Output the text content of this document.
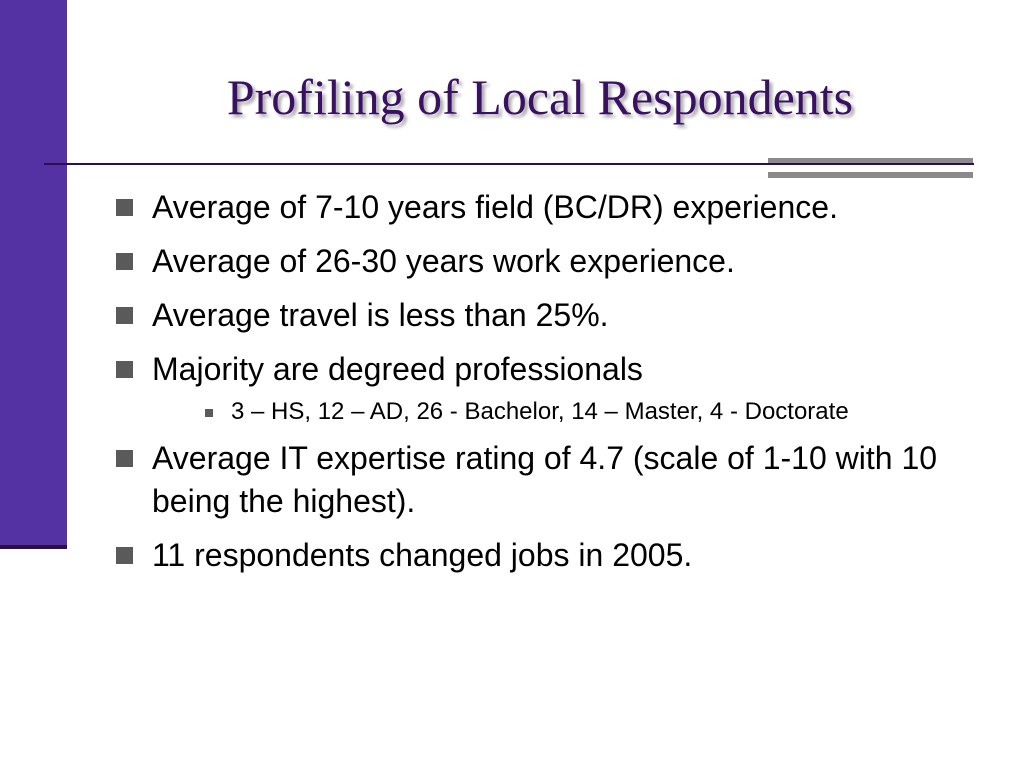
Profiling of Local Respondents
Average of 7-10 years field (BC/DR) experience.
Average of 26-30 years work experience.
Average travel is less than 25%.
Majority are degreed professionals
3 – HS, 12 – AD, 26 - Bachelor, 14 – Master, 4 - Doctorate
Average IT expertise rating of 4.7 (scale of 1-10 with 10 being the highest).
11 respondents changed jobs in 2005.
